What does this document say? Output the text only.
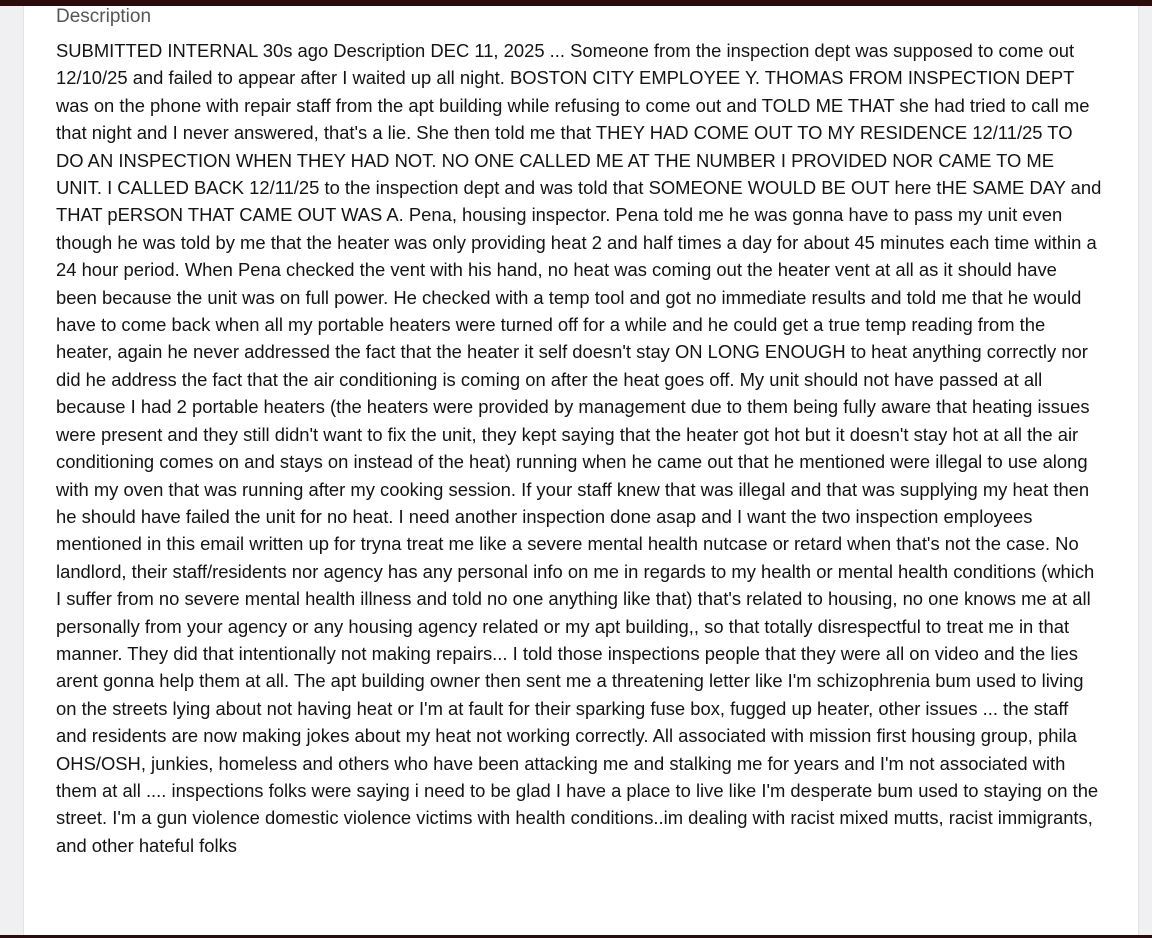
Description

SUBMITTED INTERNAL 30s ago Description DEC 11, 2025 ... Someone from the inspection dept was supposed to come out 12/10/25 and failed to appear after I waited up all night. BOSTON CITY EMPLOYEE Y. THOMAS FROM INSPECTION DEPT was on the phone with repair staff from the apt building while refusing to come out and TOLD ME THAT she had tried to call me that night and I never answered, that's a lie. She then told me that THEY HAD COME OUT TO MY RESIDENCE 12/11/25 TO DO AN INSPECTION WHEN THEY HAD NOT. NO ONE CALLED ME AT THE NUMBER I PROVIDED NOR CAME TO ME UNIT. I CALLED BACK 12/11/25 to the inspection dept and was told that SOMEONE WOULD BE OUT here tHE SAME DAY and THAT pERSON THAT CAME OUT WAS A. Pena, housing inspector. Pena told me he was gonna have to pass my unit even though he was told by me that the heater was only providing heat 2 and half times a day for about 45 minutes each time within a 24 hour period. When Pena checked the vent with his hand, no heat was coming out the heater vent at all as it should have been because the unit was on full power. He checked with a temp tool and got no immediate results and told me that he would have to come back when all my portable heaters were turned off for a while and he could get a true temp reading from the heater, again he never addressed the fact that the heater it self doesn't stay ON LONG ENOUGH to heat anything correctly nor did he address the fact that the air conditioning is coming on after the heat goes off. My unit should not have passed at all because I had 2 portable heaters (the heaters were provided by management due to them being fully aware that heating issues were present and they still didn't want to fix the unit, they kept saying that the heater got hot but it doesn't stay hot at all the air conditioning comes on and stays on instead of the heat) running when he came out that he mentioned were illegal to use along with my oven that was running after my cooking session. If your staff knew that was illegal and that was supplying my heat then he should have failed the unit for no heat. I need another inspection done asap and I want the two inspection employees mentioned in this email written up for tryna treat me like a severe mental health nutcase or retard when that's not the case. No landlord, their staff/residents nor agency has any personal info on me in regards to my health or mental health conditions (which I suffer from no severe mental health illness and told no one anything like that) that's related to housing, no one knows me at all personally from your agency or any housing agency related or my apt building,, so that totally disrespectful to treat me in that manner. They did that intentionally not making repairs... I told those inspections people that they were all on video and the lies arent gonna help them at all. The apt building owner then sent me a threatening letter like I'm schizophrenia bum used to living on the streets lying about not having heat or I'm at fault for their sparking fuse box, fugged up heater, other issues ... the staff and residents are now making jokes about my heat not working correctly. All associated with mission first housing group, phila OHS/OSH, junkies, homeless and others who have been attacking me and stalking me for years and I'm not associated with them at all .... inspections folks were saying i need to be glad I have a place to live like I'm desperate bum used to staying on the street. I'm a gun violence domestic violence victims with health conditions..im dealing with racist mixed mutts, racist immigrants, and other hateful folks
